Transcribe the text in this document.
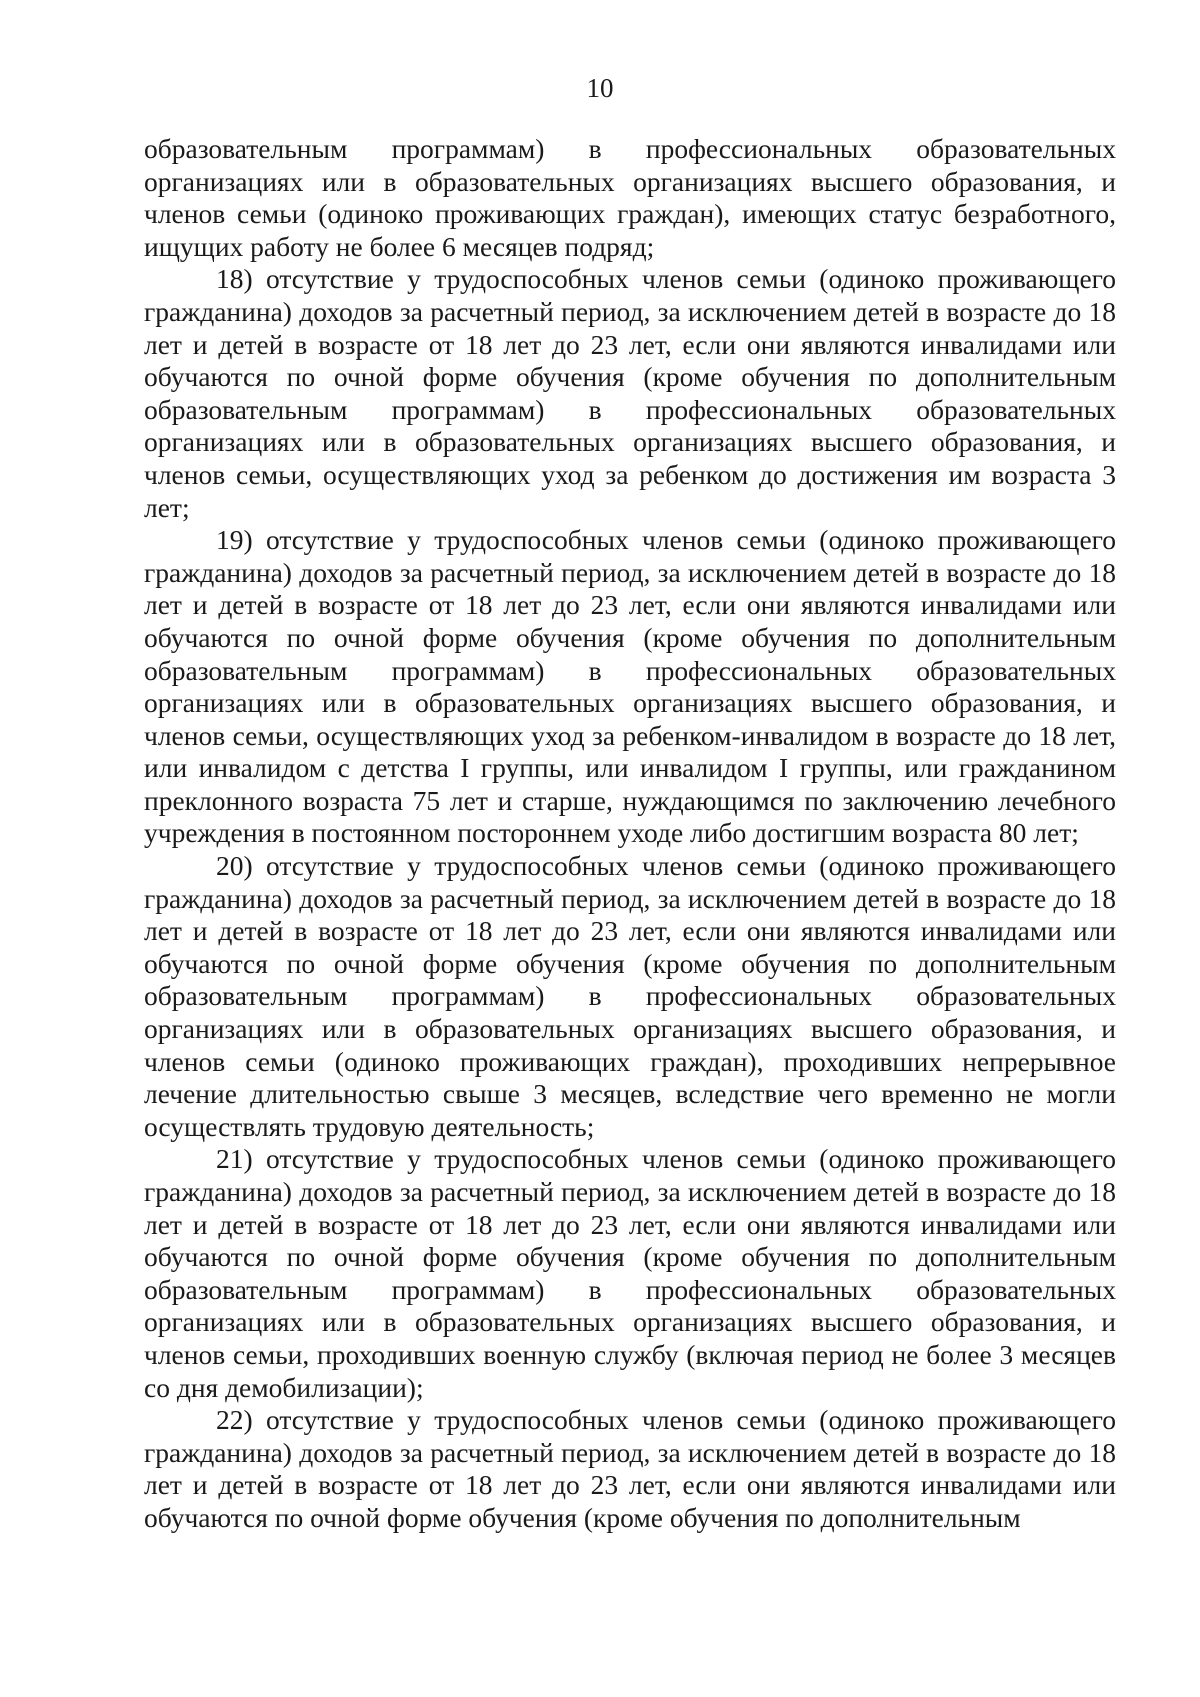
10

образовательным программам) в профессиональных образовательных организациях или в образовательных организациях высшего образования, и членов семьи (одиноко проживающих граждан), имеющих статус безработного, ищущих работу не более 6 месяцев подряд;

18) отсутствие у трудоспособных членов семьи (одиноко проживающего гражданина) доходов за расчетный период, за исключением детей в возрасте до 18 лет и детей в возрасте от 18 лет до 23 лет, если они являются инвалидами или обучаются по очной форме обучения (кроме обучения по дополнительным образовательным программам) в профессиональных образовательных организациях или в образовательных организациях высшего образования, и членов семьи, осуществляющих уход за ребенком до достижения им возраста 3 лет;

19) отсутствие у трудоспособных членов семьи (одиноко проживающего гражданина) доходов за расчетный период, за исключением детей в возрасте до 18 лет и детей в возрасте от 18 лет до 23 лет, если они являются инвалидами или обучаются по очной форме обучения (кроме обучения по дополнительным образовательным программам) в профессиональных образовательных организациях или в образовательных организациях высшего образования, и членов семьи, осуществляющих уход за ребенком-инвалидом в возрасте до 18 лет, или инвалидом с детства I группы, или инвалидом I группы, или гражданином преклонного возраста 75 лет и старше, нуждающимся по заключению лечебного учреждения в постоянном постороннем уходе либо достигшим возраста 80 лет;

20) отсутствие у трудоспособных членов семьи (одиноко проживающего гражданина) доходов за расчетный период, за исключением детей в возрасте до 18 лет и детей в возрасте от 18 лет до 23 лет, если они являются инвалидами или обучаются по очной форме обучения (кроме обучения по дополнительным образовательным программам) в профессиональных образовательных организациях или в образовательных организациях высшего образования, и членов семьи (одиноко проживающих граждан), проходивших непрерывное лечение длительностью свыше 3 месяцев, вследствие чего временно не могли осуществлять трудовую деятельность;

21) отсутствие у трудоспособных членов семьи (одиноко проживающего гражданина) доходов за расчетный период, за исключением детей в возрасте до 18 лет и детей в возрасте от 18 лет до 23 лет, если они являются инвалидами или обучаются по очной форме обучения (кроме обучения по дополнительным образовательным программам) в профессиональных образовательных организациях или в образовательных организациях высшего образования, и членов семьи, проходивших военную службу (включая период не более 3 месяцев со дня демобилизации);

22) отсутствие у трудоспособных членов семьи (одиноко проживающего гражданина) доходов за расчетный период, за исключением детей в возрасте до 18 лет и детей в возрасте от 18 лет до 23 лет, если они являются инвалидами или обучаются по очной форме обучения (кроме обучения по дополнительным
